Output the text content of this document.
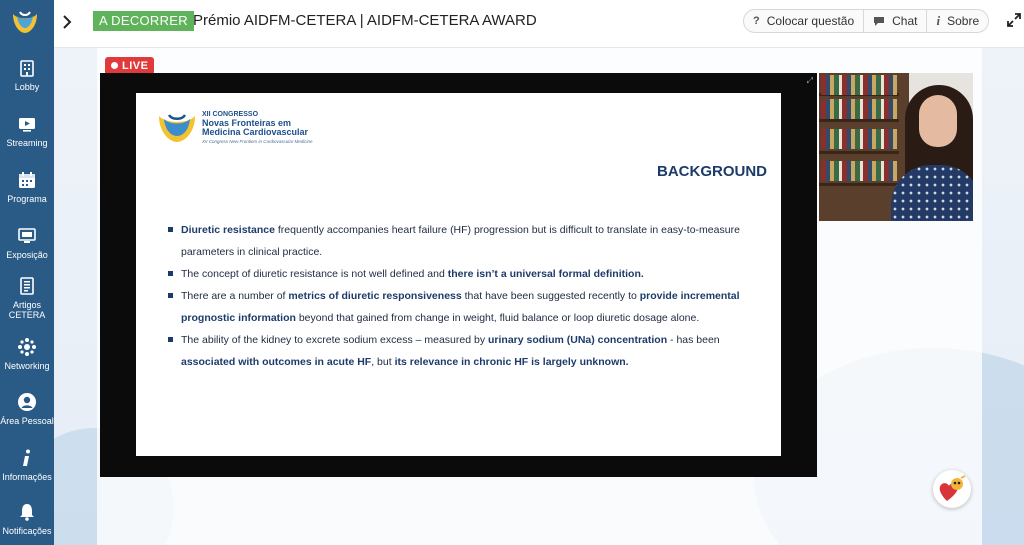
Lobby
Streaming
Programa
Exposição
Artigos CETERA
Networking
Área Pessoal
Informações
Notificações
A DECORRER Prémio AIDFM-CETERA | AIDFM-CETERA AWARD	? Colocar questão	Chat i Sobre
LIVE
⤢
XII CONGRESSO
Novas Fronteiras em
Medicina Cardiovascular
XII Congress New Frontiers in Cardiovascular Medicine
BACKGROUND
Diuretic resistance frequently accompanies heart failure (HF) progression but is difficult to translate in easy-to-measure parameters in clinical practice.
The concept of diuretic resistance is not well defined and there isn’t a universal formal definition.
There are a number of metrics of diuretic responsiveness that have been suggested recently to provide incremental prognostic information beyond that gained from change in weight, fluid balance or loop diuretic dosage alone.
The ability of the kidney to excrete sodium excess – measured by urinary sodium (UNa) concentration - has been associated with outcomes in acute HF, but its relevance in chronic HF is largely unknown.
